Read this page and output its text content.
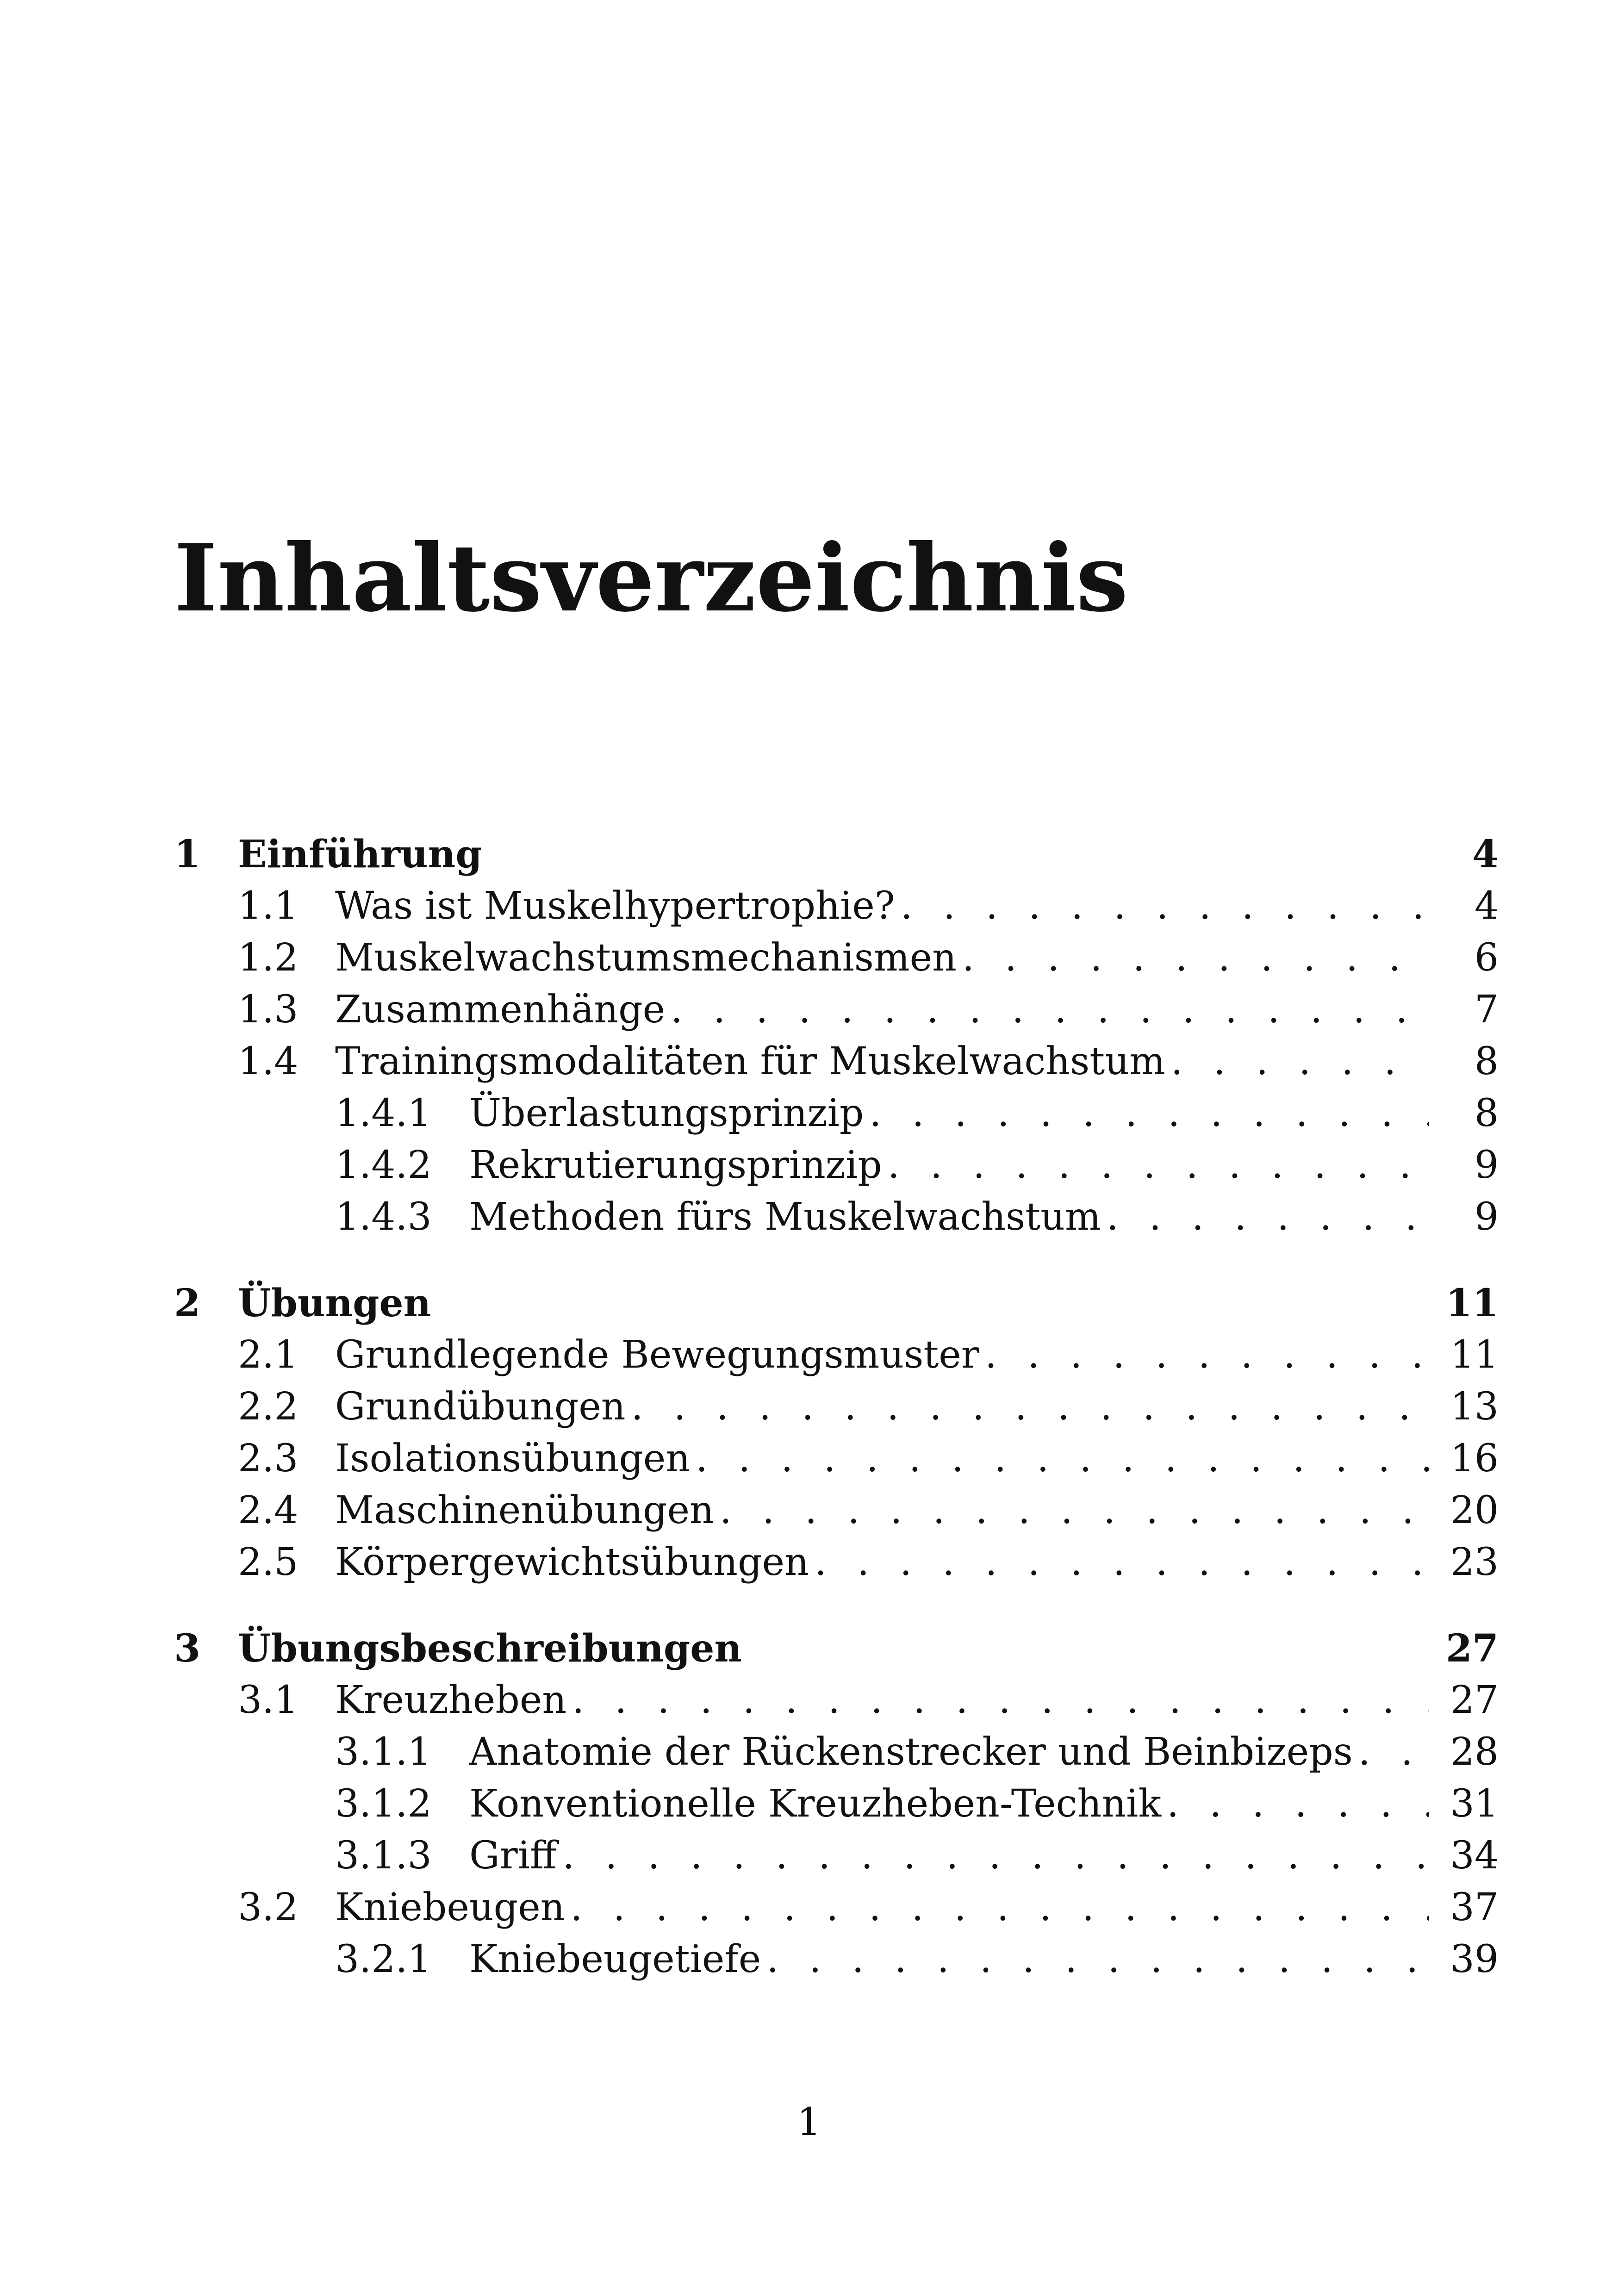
Inhaltsverzeichnis
1 Einführung	4
1.1 Was ist Muskelhypertrophie? . . .	4
1.2 Muskelwachstumsmechanismen . . .	6
1.3 Zusammenhänge . . .	7
1.4 Trainingsmodalitäten für Muskelwachstum . . .	8
1.4.1 Überlastungsprinzip . . .	8
1.4.2 Rekrutierungsprinzip . . .	9
1.4.3 Methoden fürs Muskelwachstum . . .	9
2 Übungen	11
2.1 Grundlegende Bewegungsmuster . . .	11
2.2 Grundübungen . . .	13
2.3 Isolationsübungen . . .	16
2.4 Maschinenübungen . . .	20
2.5 Körpergewichtsübungen . . .	23
3 Übungsbeschreibungen	27
3.1 Kreuzheben . . .	27
3.1.1 Anatomie der Rückenstrecker und Beinbizeps . . .	28
3.1.2 Konventionelle Kreuzheben-Technik . . .	31
3.1.3 Griff . . .	34
3.2 Kniebeugen . . .	37
3.2.1 Kniebeugetiefe . . .	39
1
